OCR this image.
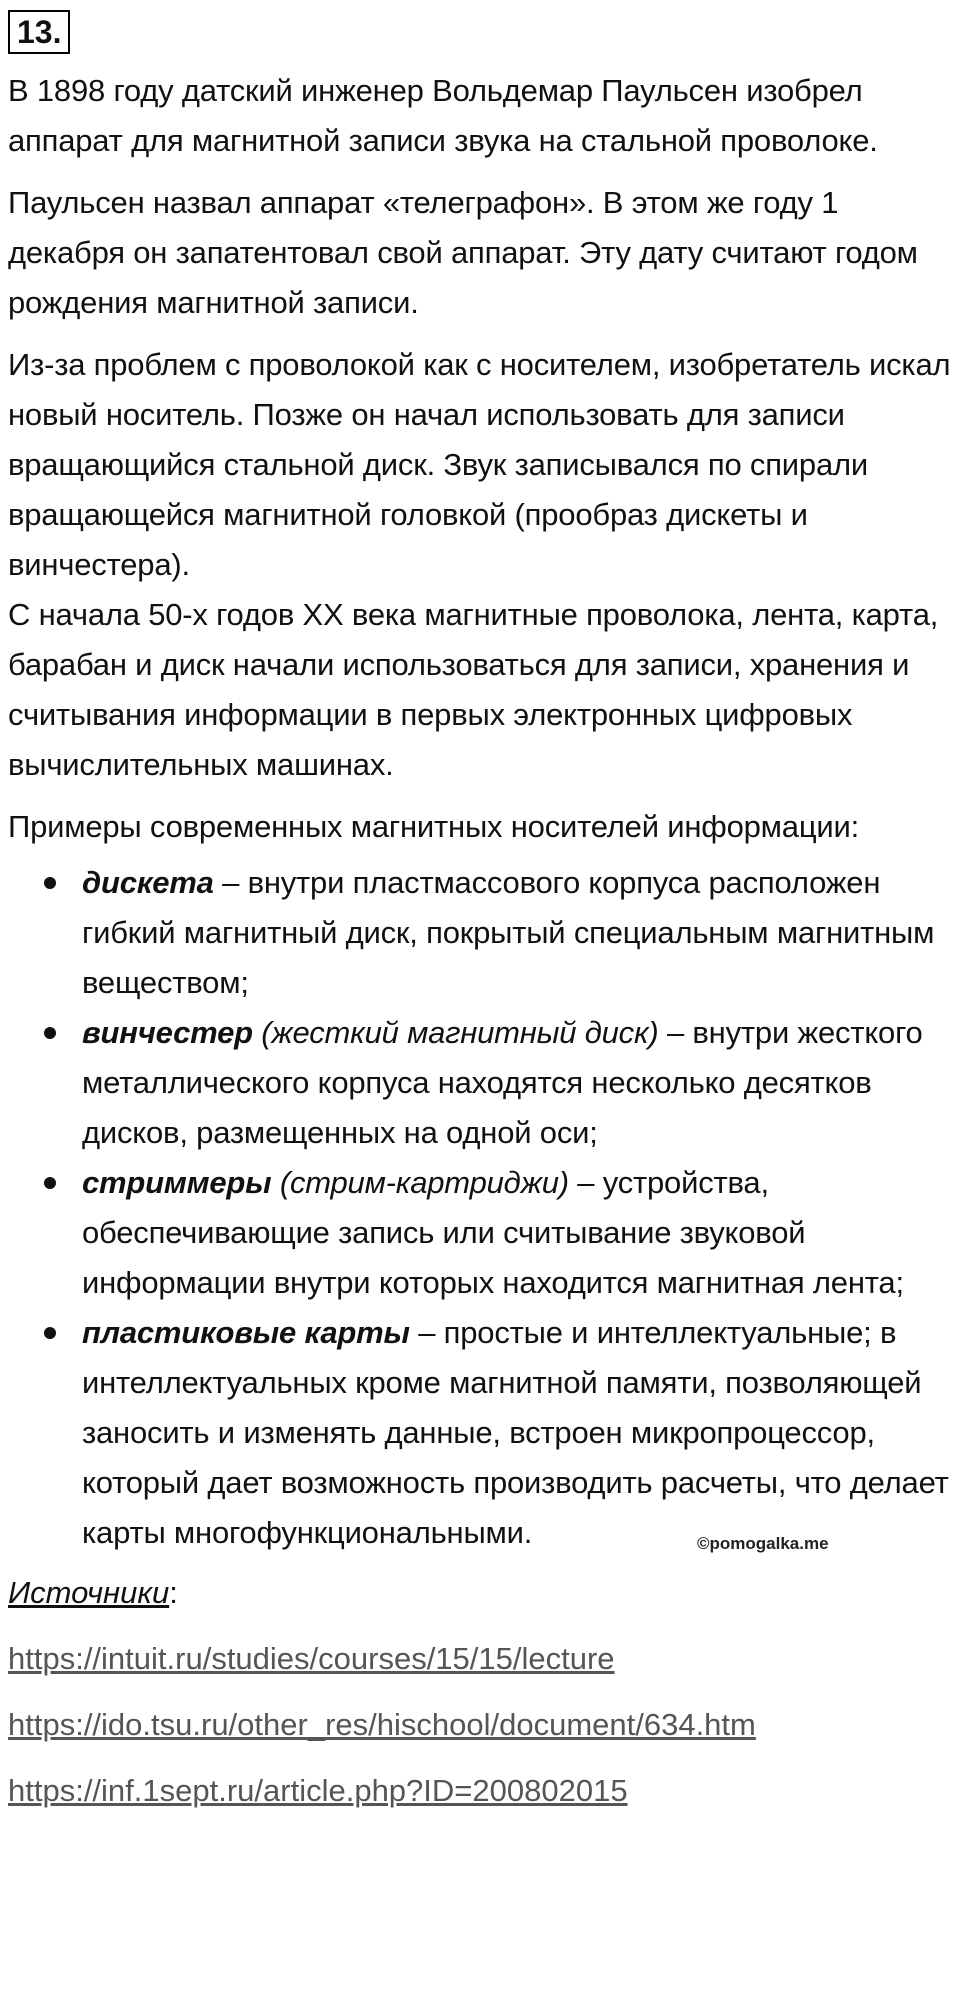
13.

В 1898 году датский инженер Вольдемар Паульсен изобрел аппарат для магнитной записи звука на стальной проволоке.

Паульсен назвал аппарат «телеграфон». В этом же году 1 декабря он запатентовал свой аппарат. Эту дату считают годом рождения магнитной записи.

Из-за проблем с проволокой как с носителем, изобретатель искал новый носитель. Позже он начал использовать для записи вращающийся стальной диск. Звук записывался по спирали вращающейся магнитной головкой (прообраз дискеты и винчестера).

С начала 50-х годов XX века магнитные проволока, лента, карта, барабан и диск начали использоваться для записи, хранения и считывания информации в первых электронных цифровых вычислительных машинах.

Примеры современных магнитных носителей информации:

дискета – внутри пластмассового корпуса расположен гибкий магнитный диск, покрытый специальным магнитным веществом;
винчестер (жесткий магнитный диск) – внутри жесткого металлического корпуса находятся несколько десятков дисков, размещенных на одной оси;
стриммеры (стрим-картриджи) – устройства, обеспечивающие запись или считывание звуковой информации внутри которых находится магнитная лента;
пластиковые карты – простые и интеллектуальные; в интеллектуальных кроме магнитной памяти, позволяющей заносить и изменять данные, встроен микропроцессор, который дает возможность производить расчеты, что делает карты многофункциональными.
Источники:
https://intuit.ru/studies/courses/15/15/lecture
https://ido.tsu.ru/other_res/hischool/document/634.htm
https://inf.1sept.ru/article.php?ID=200802015
©pomogalka.me
